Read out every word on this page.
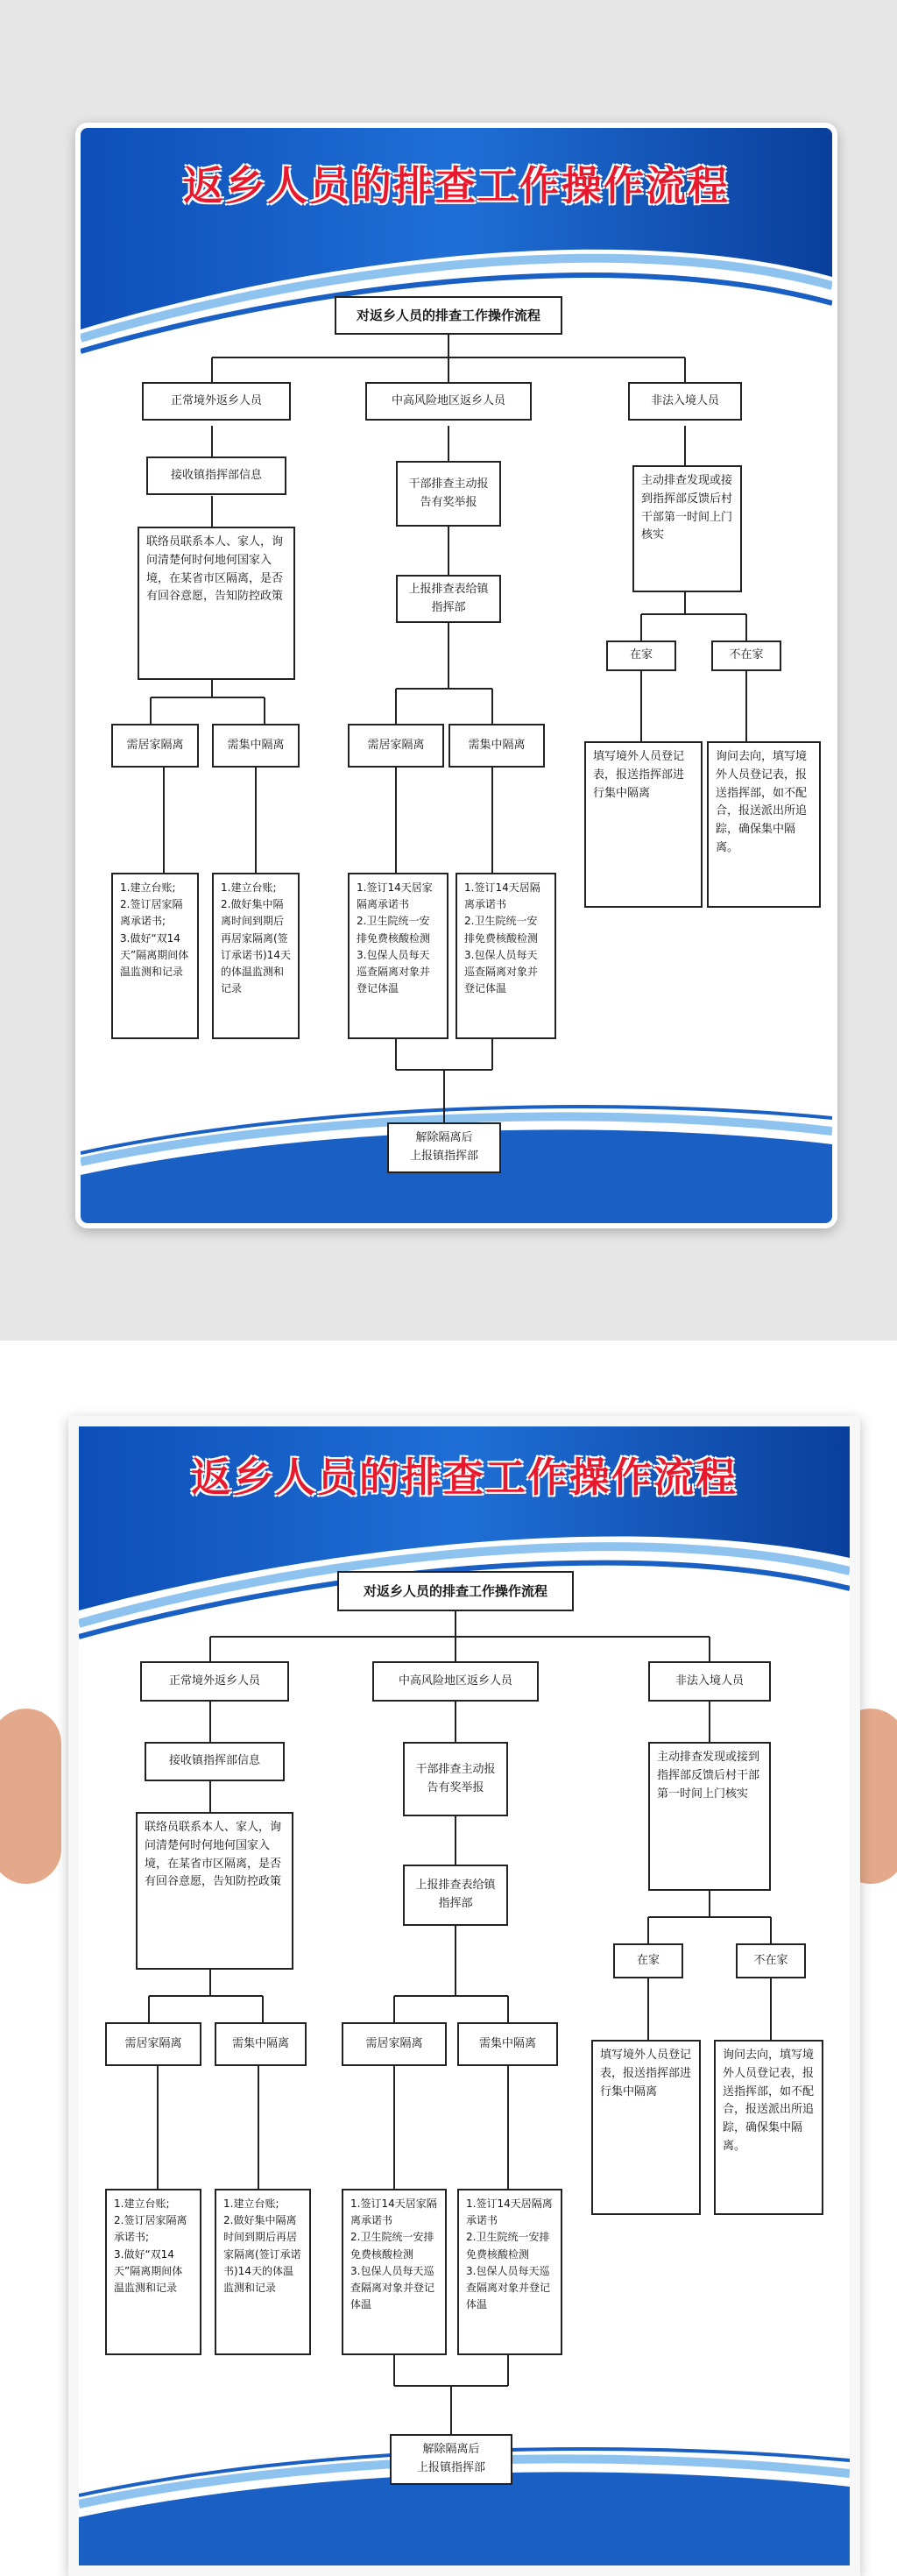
返乡人员的排查工作操作流程
对返乡人员的排查工作操作流程
正常境外返乡人员
接收镇指挥部信息
联络员联系本人、家人，询问清楚何时何地何国家入境，在某省市区隔离，是否有回谷意愿，告知防控政策
需居家隔离	需集中隔离
1.建立台账;
2.签订居家隔离承诺书;
3.做好“双14天”隔离期间体温监测和记录
1.建立台账;
2.做好集中隔离时间到期后再居家隔离(签订承诺书)14天的体温监测和记录
中高风险地区返乡人员
干部排查主动报告有奖举报
上报排查表给镇指挥部
需居家隔离	需集中隔离
1.签订14天居家隔离承诺书
2.卫生院统一安排免费核酸检测
3.包保人员每天巡查隔离对象并登记体温
1.签订14天居隔离承诺书
2.卫生院统一安排免费核酸检测
3.包保人员每天巡查隔离对象并登记体温
解除隔离后
上报镇指挥部
非法入境人员
主动排查发现或接到指挥部反馈后村干部第一时间上门核实
在家	不在家
填写境外人员登记表，报送指挥部进行集中隔离
询问去向，填写境外人员登记表，报送指挥部，如不配合，报送派出所追踪，确保集中隔离。
返乡人员的排查工作操作流程
对返乡人员的排查工作操作流程
正常境外返乡人员
接收镇指挥部信息
联络员联系本人、家人，询问清楚何时何地何国家入境，在某省市区隔离，是否有回谷意愿，告知防控政策
需居家隔离	需集中隔离
1.建立台账;
2.签订居家隔离承诺书;
3.做好“双14天”隔离期间体温监测和记录
1.建立台账;
2.做好集中隔离时间到期后再居家隔离(签订承诺书)14天的体温监测和记录
中高风险地区返乡人员
干部排查主动报告有奖举报
上报排查表给镇指挥部
需居家隔离	需集中隔离
1.签订14天居家隔离承诺书
2.卫生院统一安排免费核酸检测
3.包保人员每天巡查隔离对象并登记体温
1.签订14天居隔离承诺书
2.卫生院统一安排免费核酸检测
3.包保人员每天巡查隔离对象并登记体温
解除隔离后
上报镇指挥部
非法入境人员
主动排查发现或接到指挥部反馈后村干部第一时间上门核实
在家	不在家
填写境外人员登记表，报送指挥部进行集中隔离
询问去向，填写境外人员登记表，报送指挥部，如不配合，报送派出所追踪，确保集中隔离。
